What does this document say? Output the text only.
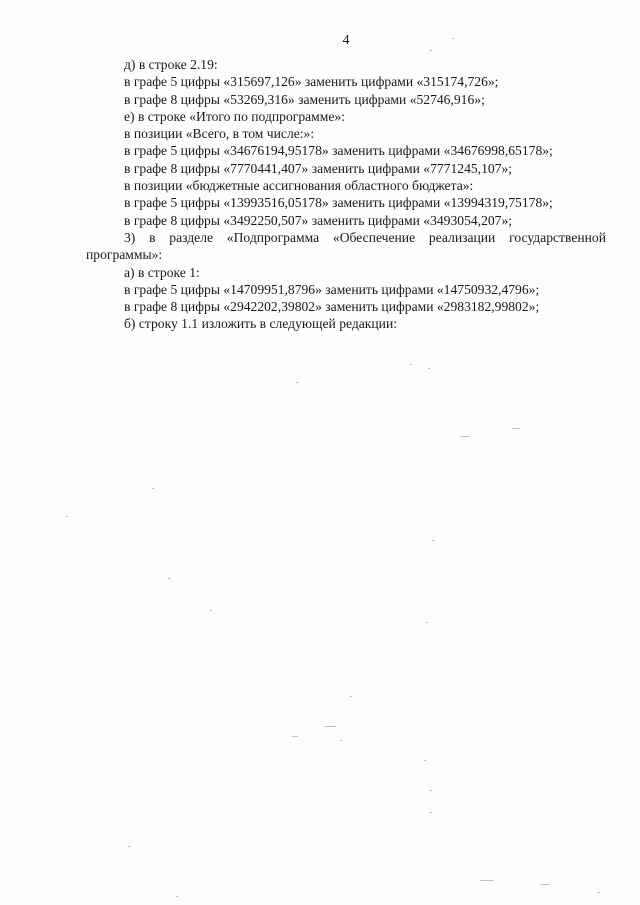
4
д) в строке 2.19:
в графе 5 цифры «315697,126» заменить цифрами «315174,726»;
в графе 8 цифры «53269,316» заменить цифрами «52746,916»;
е) в строке «Итого по подпрограмме»:
в позиции «Всего, в том числе:»:
в графе 5 цифры «34676194,95178» заменить цифрами «34676998,65178»;
в графе 8 цифры «7770441,407» заменить цифрами «7771245,107»;
в позиции «бюджетные ассигнования областного бюджета»:
в графе 5 цифры «13993516,05178» заменить цифрами «13994319,75178»;
в графе 8 цифры «3492250,507» заменить цифрами «3493054,207»;
3) в разделе «Подпрограмма «Обеспечение реализации государственной
программы»:
а) в строке 1:
в графе 5 цифры «14709951,8796» заменить цифрами «14750932,4796»;
в графе 8 цифры «2942202,39802» заменить цифрами «2983182,99802»;
б) строку 1.1 изложить в следующей редакции:
